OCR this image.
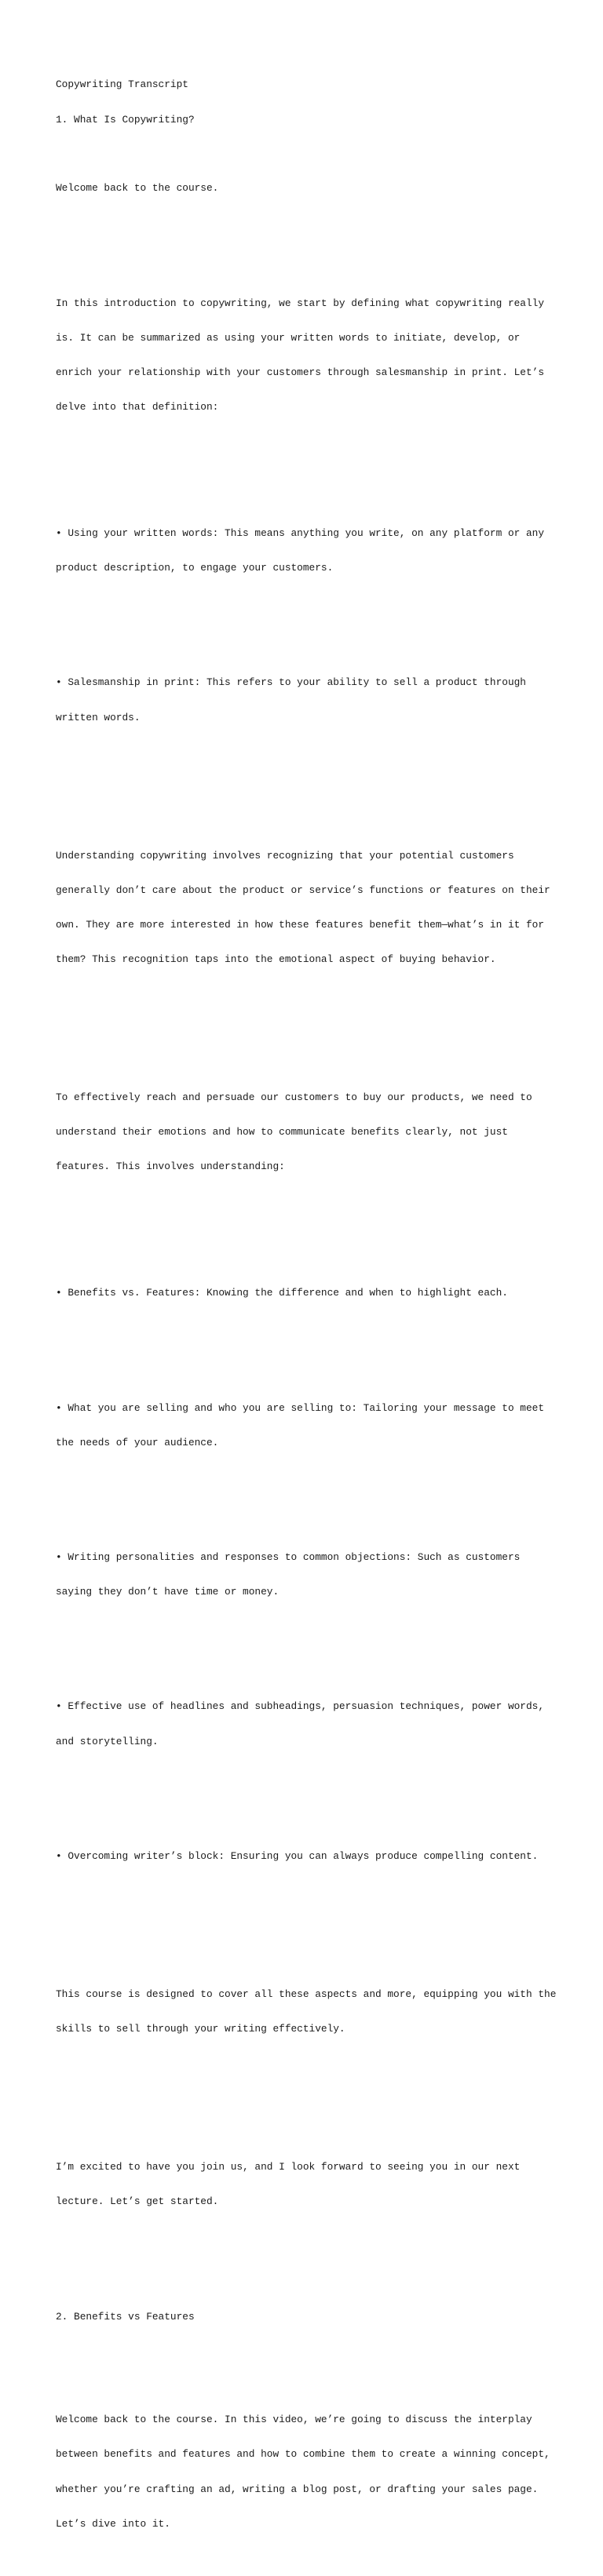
Copywriting Transcript

1. What Is Copywriting?

Welcome back to the course.

In this introduction to copywriting, we start by defining what copywriting really

is. It can be summarized as using your written words to initiate, develop, or

enrich your relationship with your customers through salesmanship in print. Let’s

delve into that definition:

• Using your written words: This means anything you write, on any platform or any

product description, to engage your customers.

• Salesmanship in print: This refers to your ability to sell a product through

written words.

Understanding copywriting involves recognizing that your potential customers

generally don’t care about the product or service’s functions or features on their

own. They are more interested in how these features benefit them—what’s in it for

them? This recognition taps into the emotional aspect of buying behavior.

To effectively reach and persuade our customers to buy our products, we need to

understand their emotions and how to communicate benefits clearly, not just

features. This involves understanding:

• Benefits vs. Features: Knowing the difference and when to highlight each.

• What you are selling and who you are selling to: Tailoring your message to meet

the needs of your audience.

• Writing personalities and responses to common objections: Such as customers

saying they don’t have time or money.

• Effective use of headlines and subheadings, persuasion techniques, power words,

and storytelling.

• Overcoming writer’s block: Ensuring you can always produce compelling content.

This course is designed to cover all these aspects and more, equipping you with the

skills to sell through your writing effectively.

I’m excited to have you join us, and I look forward to seeing you in our next

lecture. Let’s get started.

2. Benefits vs Features

Welcome back to the course. In this video, we’re going to discuss the interplay

between benefits and features and how to combine them to create a winning concept,

whether you’re crafting an ad, writing a blog post, or drafting your sales page.

Let’s dive into it.
